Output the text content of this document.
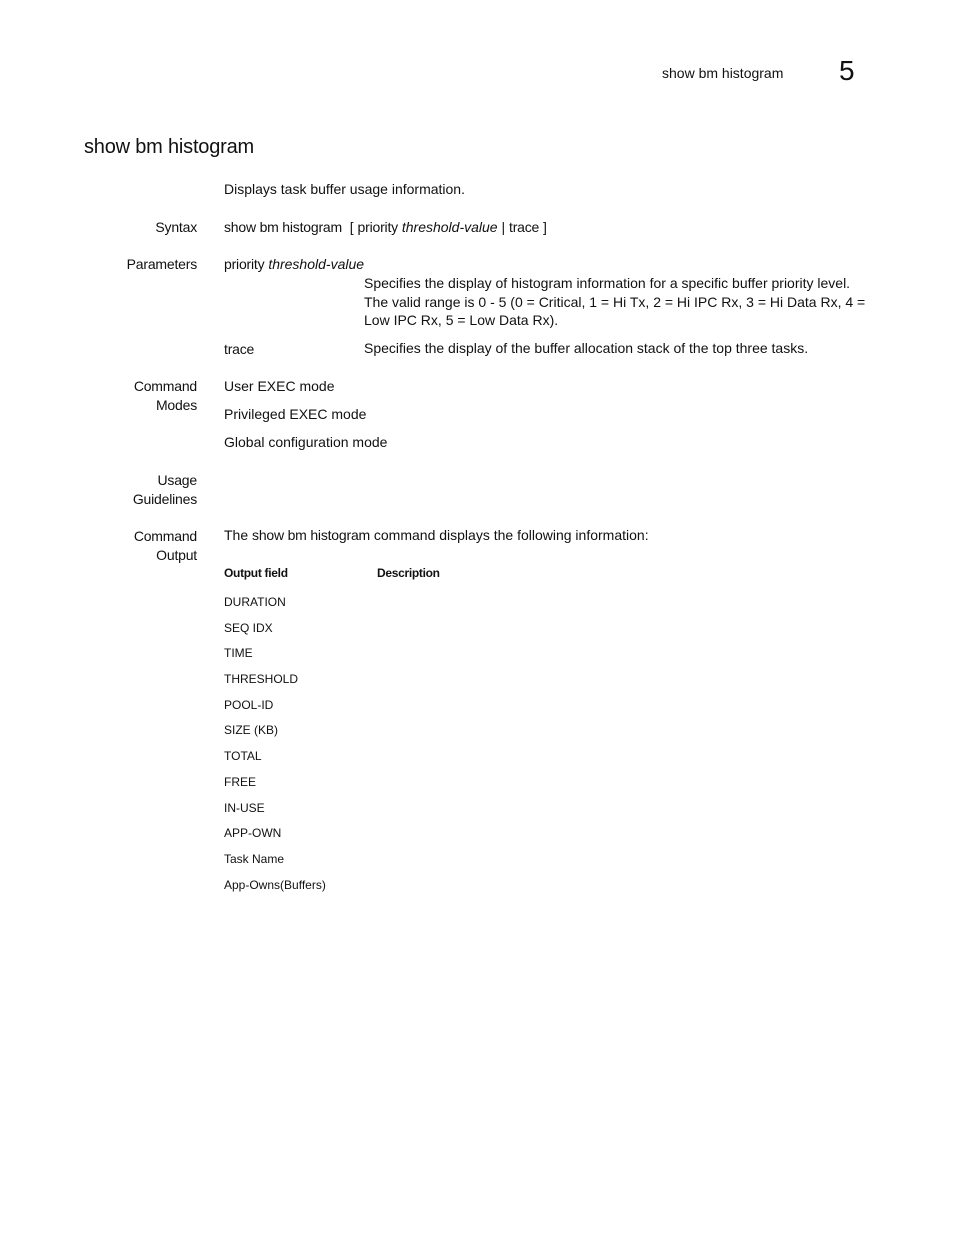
show bm histogram 5
show bm histogram
Displays task buffer usage information.
Syntax show bm histogram [ priority threshold-value | trace ]
Parameters priority threshold-value
Specifies the display of histogram information for a specific buffer priority level. The valid range is 0 - 5 (0 = Critical, 1 = Hi Tx, 2 = Hi IPC Rx, 3 = Hi Data Rx, 4 = Low IPC Rx, 5 = Low Data Rx).
trace	Specifies the display of the buffer allocation stack of the top three tasks.
Command
Modes
User EXEC mode
Privileged EXEC mode
Global configuration mode
Usage
Guidelines
Command
Output
The show bm histogram command displays the following information:
Output field	Description
DURATION
SEQ IDX
TIME
THRESHOLD
POOL-ID
SIZE (KB)
TOTAL
FREE
IN-USE
APP-OWN
Task Name
App-Owns(Buffers)
